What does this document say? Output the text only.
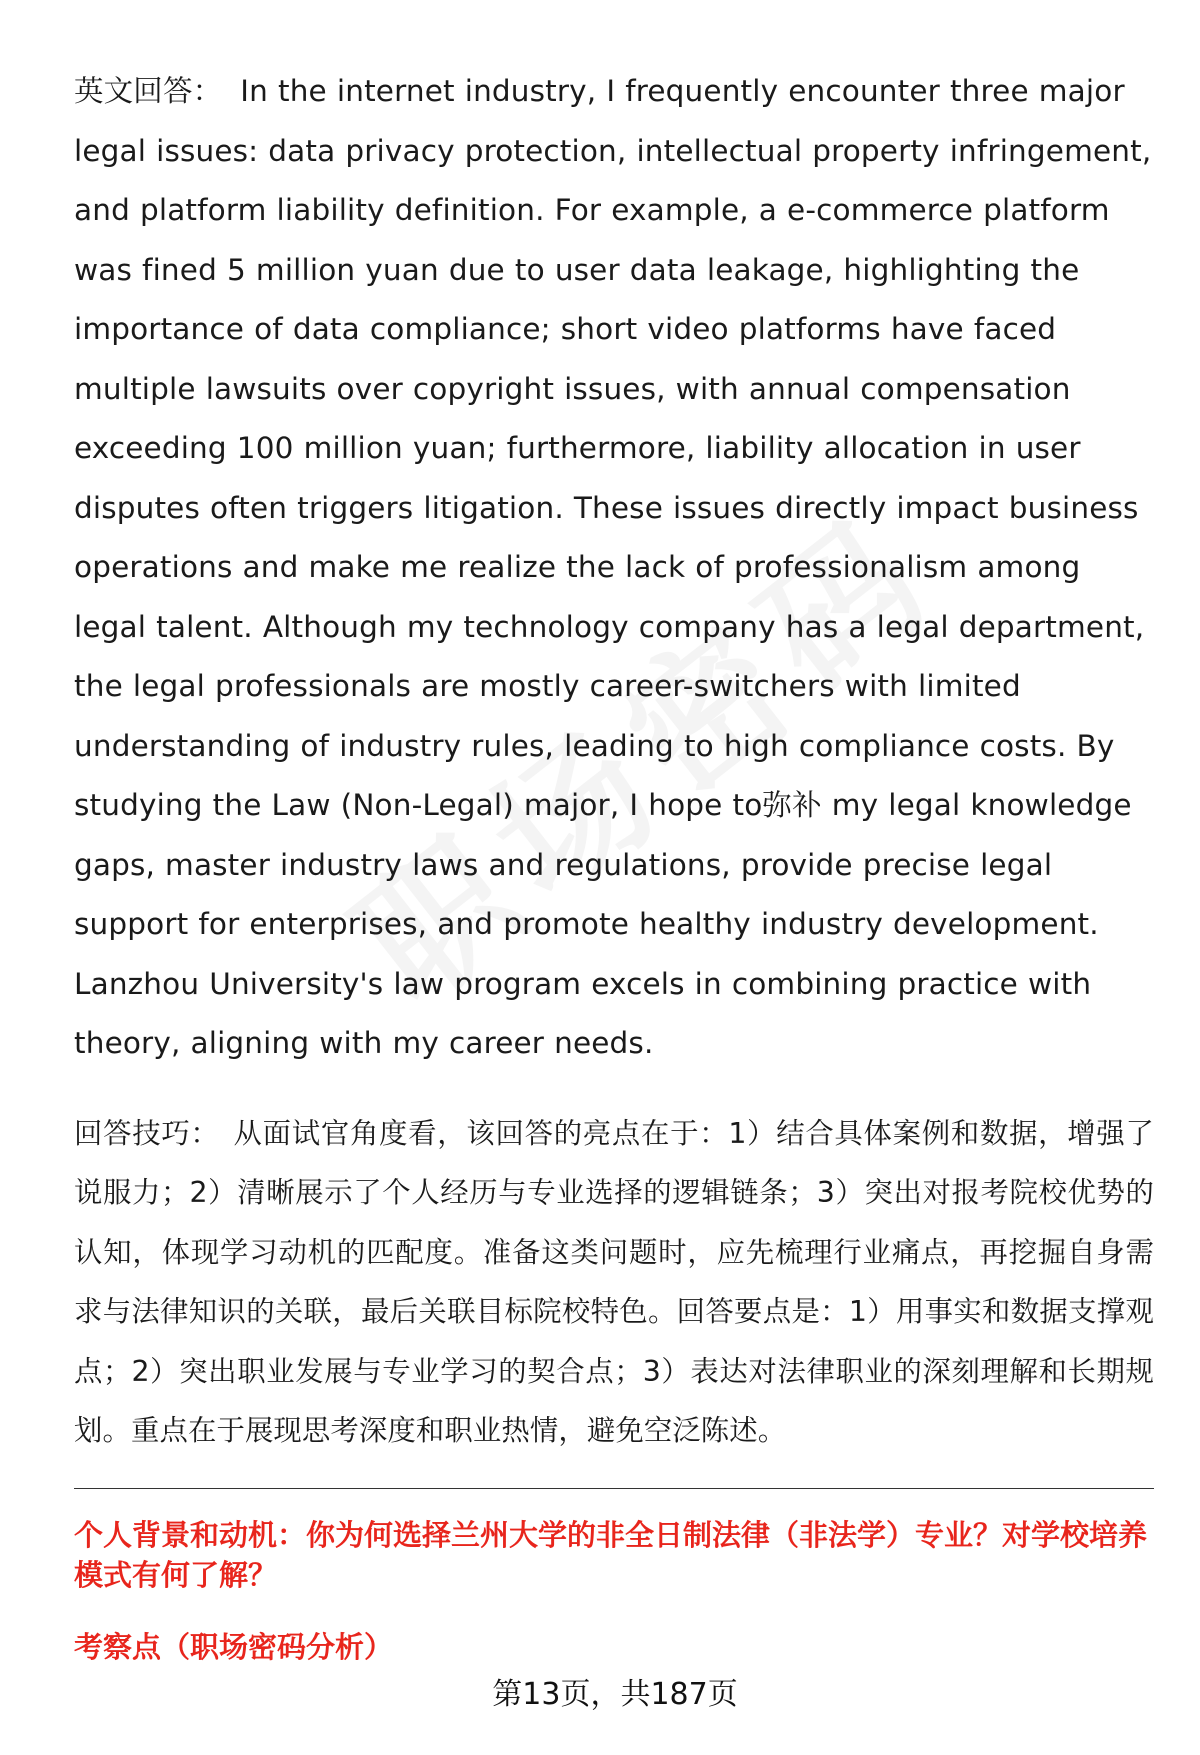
英文回答： In the internet industry, I frequently encounter three major legal issues: data privacy protection, intellectual property infringement, and platform liability definition. For example, a e-commerce platform was fined 5 million yuan due to user data leakage, highlighting the importance of data compliance; short video platforms have faced multiple lawsuits over copyright issues, with annual compensation exceeding 100 million yuan; furthermore, liability allocation in user disputes often triggers litigation. These issues directly impact business operations and make me realize the lack of professionalism among legal talent. Although my technology company has a legal department, the legal professionals are mostly career-switchers with limited understanding of industry rules, leading to high compliance costs. By studying the Law (Non-Legal) major, I hope to弥补 my legal knowledge gaps, master industry laws and regulations, provide precise legal support for enterprises, and promote healthy industry development. Lanzhou University's law program excels in combining practice with theory, aligning with my career needs.

回答技巧： 从面试官角度看，该回答的亮点在于：1）结合具体案例和数据，增强了说服力；2）清晰展示了个人经历与专业选择的逻辑链条；3）突出对报考院校优势的认知，体现学习动机的匹配度。准备这类问题时，应先梳理行业痛点，再挖掘自身需求与法律知识的关联，最后关联目标院校特色。回答要点是：1）用事实和数据支撑观点；2）突出职业发展与专业学习的契合点；3）表达对法律职业的深刻理解和长期规划。重点在于展现思考深度和职业热情，避免空泛陈述。

个人背景和动机：你为何选择兰州大学的非全日制法律（非法学）专业？对学校培养模式有何了解？

考察点（职场密码分析）

第13页，共187页
